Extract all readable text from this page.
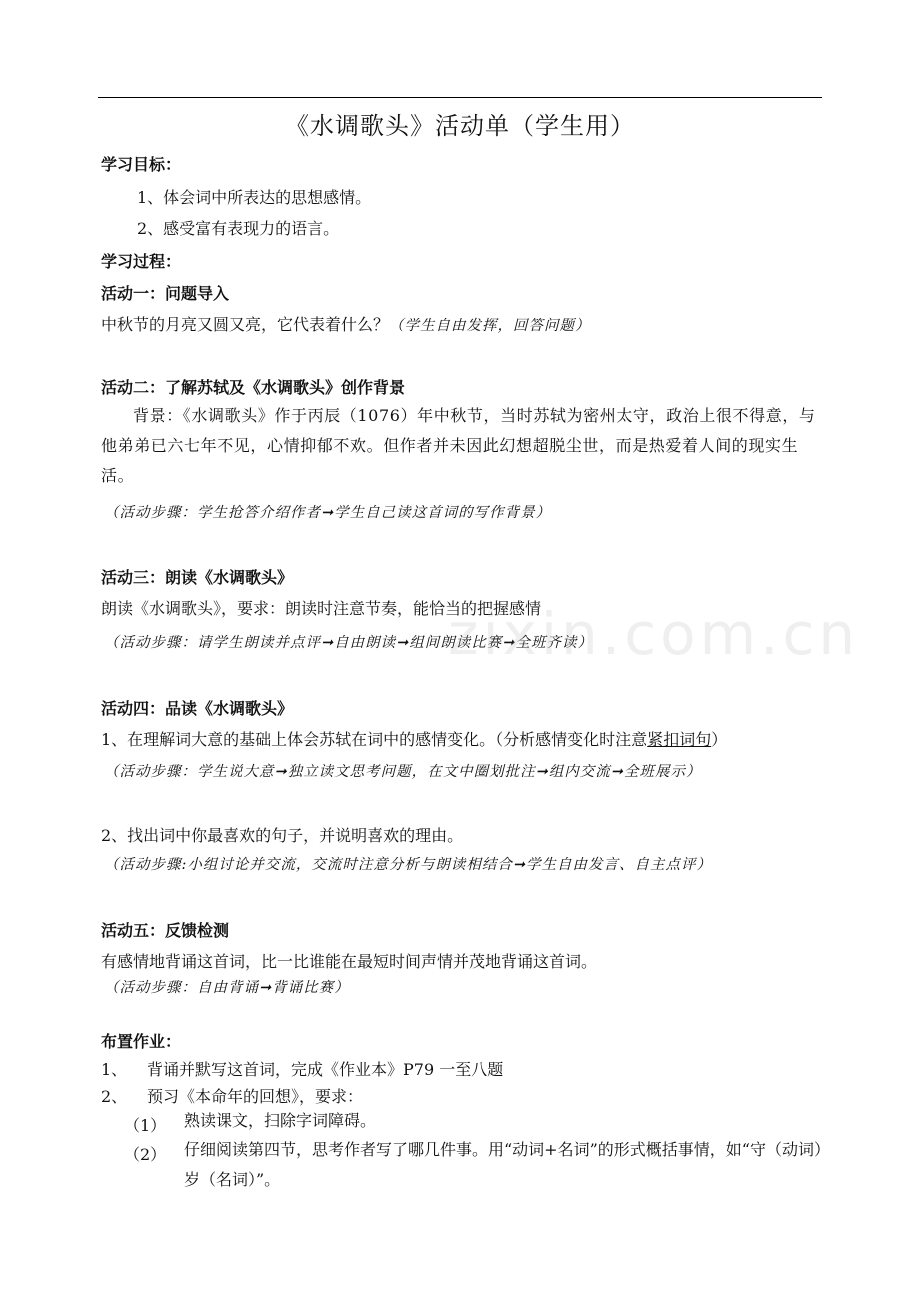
《水调歌头》活动单（学生用）
学习目标：
1、体会词中所表达的思想感情。
2、感受富有表现力的语言。
学习过程：
活动一：问题导入
中秋节的月亮又圆又亮，它代表着什么？（学生自由发挥，回答问题）
活动二：了解苏轼及《水调歌头》创作背景
背景：《水调歌头》作于丙辰（1076）年中秋节，当时苏轼为密州太守，政治上很不得意，与他弟弟已六七年不见，心情抑郁不欢。但作者并未因此幻想超脱尘世，而是热爱着人间的现实生活。
（活动步骤：学生抢答介绍作者➞学生自己读这首词的写作背景）
活动三：朗读《水调歌头》
朗读《水调歌头》，要求：朗读时注意节奏，能恰当的把握感情
（活动步骤：请学生朗读并点评➞自由朗读➞组间朗读比赛➞全班齐读）
活动四：品读《水调歌头》
1、在理解词大意的基础上体会苏轼在词中的感情变化。（分析感情变化时注意紧扣词句）
（活动步骤：学生说大意➞独立读文思考问题，在文中圈划批注➞组内交流➞全班展示）
2、找出词中你最喜欢的句子，并说明喜欢的理由。
（活动步骤:小组讨论并交流，交流时注意分析与朗读相结合➞学生自由发言、自主点评）
活动五：反馈检测
有感情地背诵这首词，比一比谁能在最短时间声情并茂地背诵这首词。
（活动步骤：自由背诵➞背诵比赛）
布置作业：
1、 背诵并默写这首词，完成《作业本》P79 一至八题
2、 预习《本命年的回想》，要求：
（1） 熟读课文，扫除字词障碍。
（2） 仔细阅读第四节，思考作者写了哪几件事。用“动词+名词”的形式概括事情，如“守（动词）岁（名词）”。
zixin.com.cn
